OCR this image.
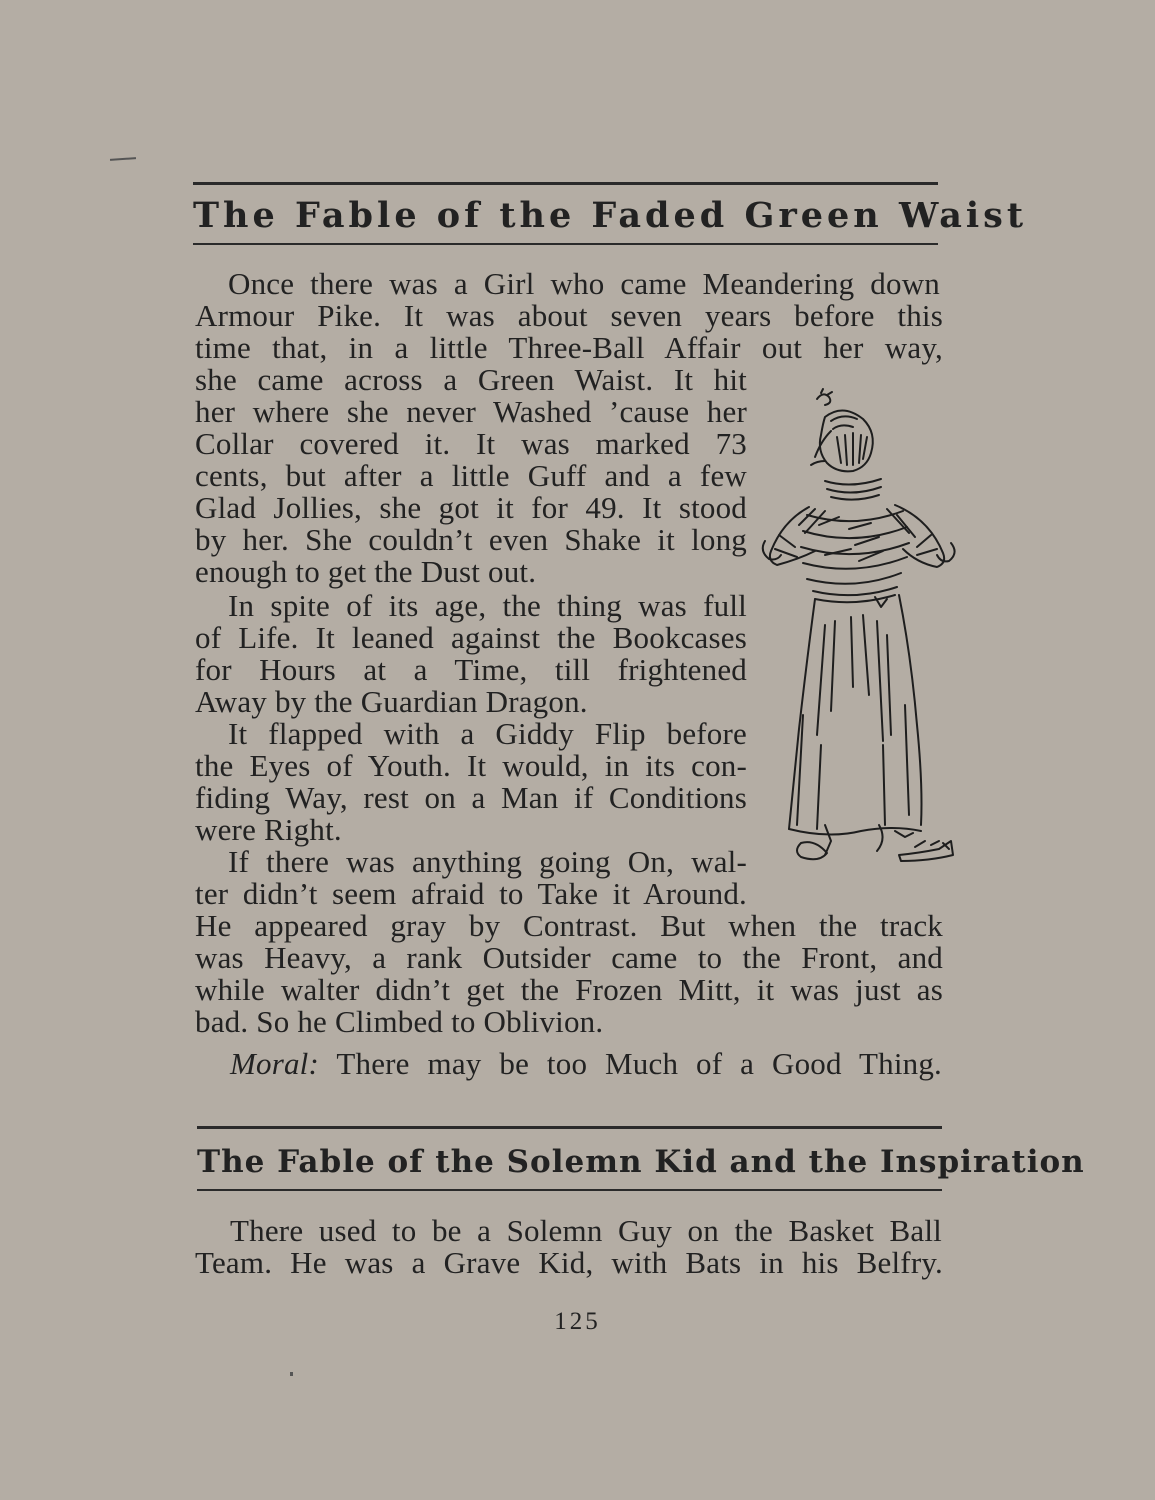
The Fable of the Faded Green Waist
Once there was a Girl who came Meandering down
Armour Pike. It was about seven years before this
time that, in a little Three-Ball Affair out her way,
she came across a Green Waist. It hit
her where she never Washed ’cause her
Collar covered it. It was marked 73
cents, but after a little Guff and a few
Glad Jollies, she got it for 49. It stood
by her. She couldn’t even Shake it long
enough to get the Dust out.
In spite of its age, the thing was full
of Life. It leaned against the Bookcases
for Hours at a Time, till frightened
Away by the Guardian Dragon.
It flapped with a Giddy Flip before
the Eyes of Youth. It would, in its con-
fiding Way, rest on a Man if Conditions
were Right.
If there was anything going On, wal-
ter didn’t seem afraid to Take it Around.
He appeared gray by Contrast. But when the track
was Heavy, a rank Outsider came to the Front, and
while walter didn’t get the Frozen Mitt, it was just as
bad. So he Climbed to Oblivion.
Moral: There may be too Much of a Good Thing.
The Fable of the Solemn Kid and the Inspiration
There used to be a Solemn Guy on the Basket Ball
Team. He was a Grave Kid, with Bats in his Belfry.
125
